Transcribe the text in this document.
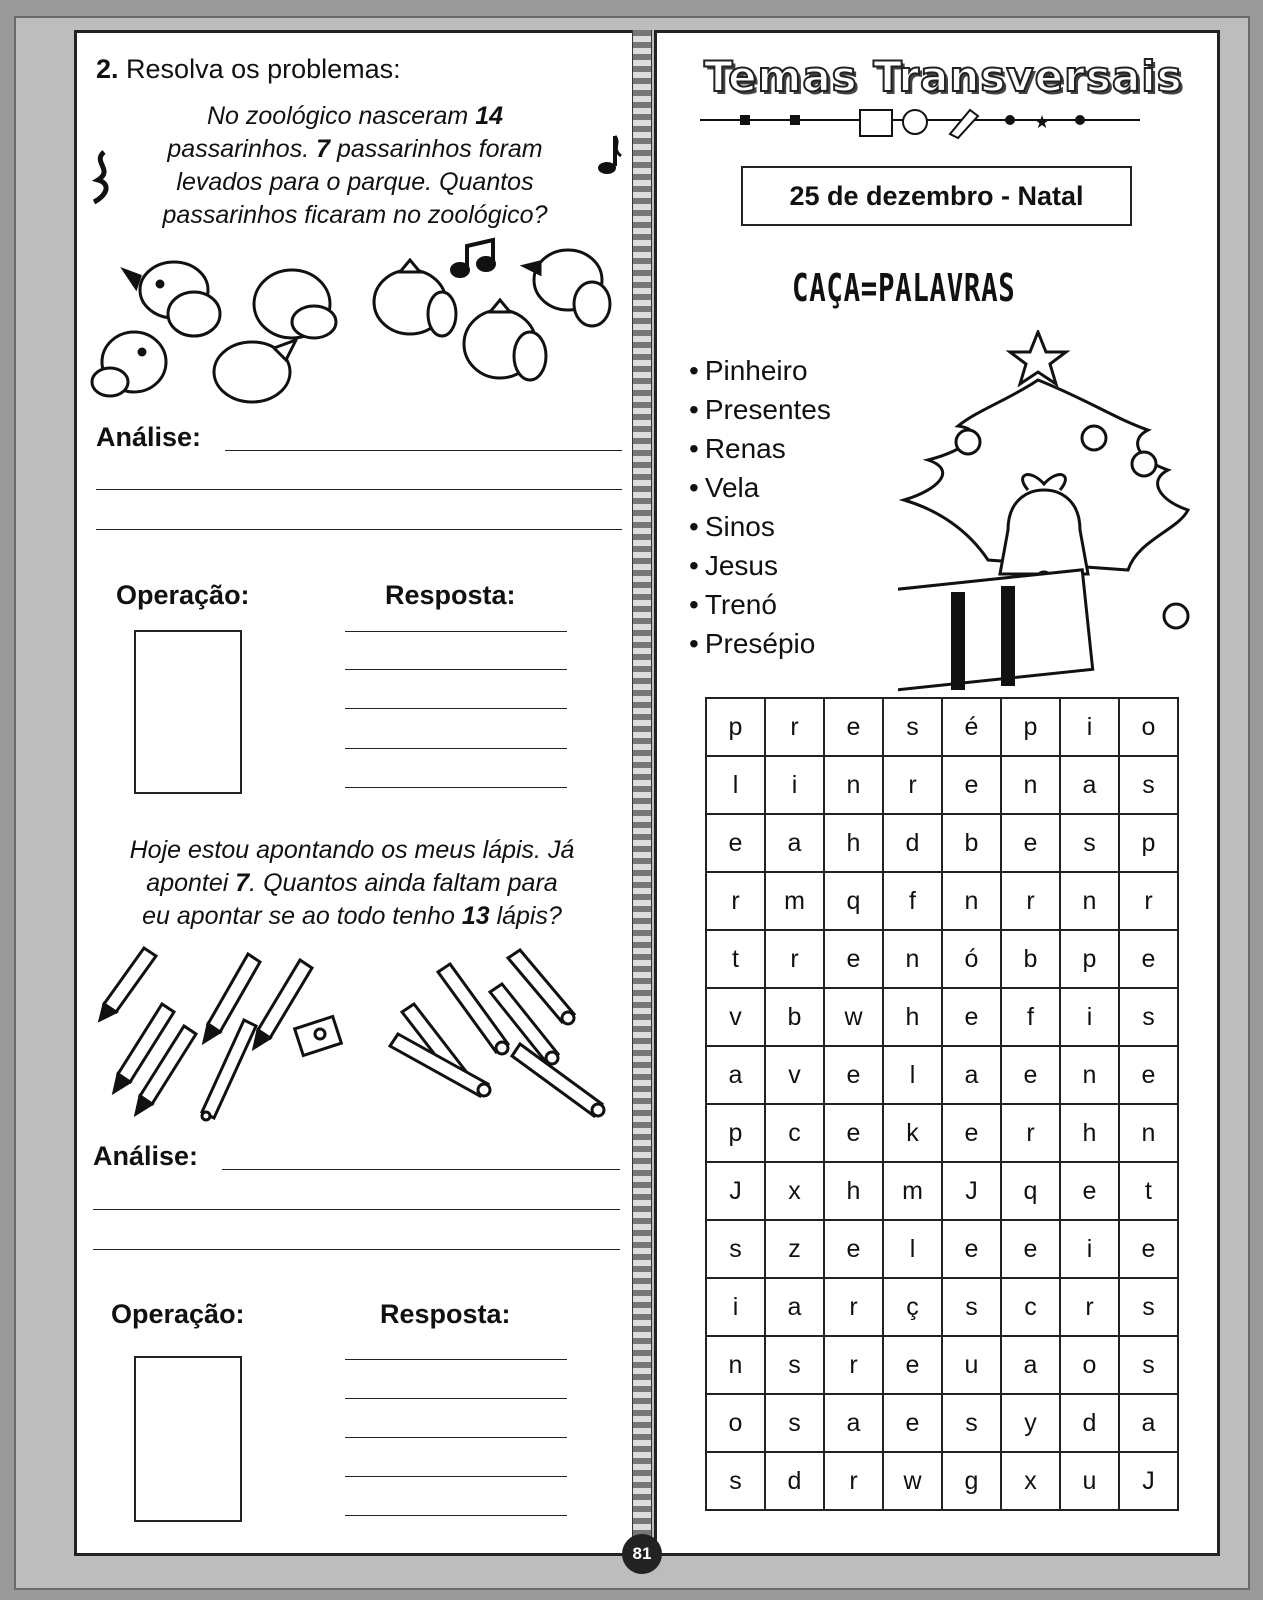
2. Resolva os problemas:
No zoológico nasceram 14
passarinhos. 7 passarinhos foram
levados para o parque. Quantos
passarinhos ficaram no zoológico?
Análise:
Operação:	Resposta:
Hoje estou apontando os meus lápis. Já
apontei 7. Quantos ainda faltam para
eu apontar se ao todo tenho 13 lápis?
Análise:
Operação:	Resposta:
Temas Transversais
★
25 de dezembro - Natal
CAÇA=PALAVRAS
• Pinheiro
• Presentes
• Renas
• Vela
• Sinos
• Jesus
• Trenó
• Presépio
p	r	e	s	é	p	i	o
l	i	n	r	e	n	a	s
e	a	h	d	b	e	s	p
r	m	q	f	n	r	n	r
t	r	e	n	ó	b	p	e
v	b	w	h	e	f	i	s
a	v	e	l	a	e	n	e
p	c	e	k	e	r	h	n
J	x	h	m	J	q	e	t
s	z	e	l	e	e	i	e
i	a	r	ç	s	c	r	s
n	s	r	e	u	a	o	s
o	s	a	e	s	y	d	a
s	d	r	w	g	x	u	J
81
